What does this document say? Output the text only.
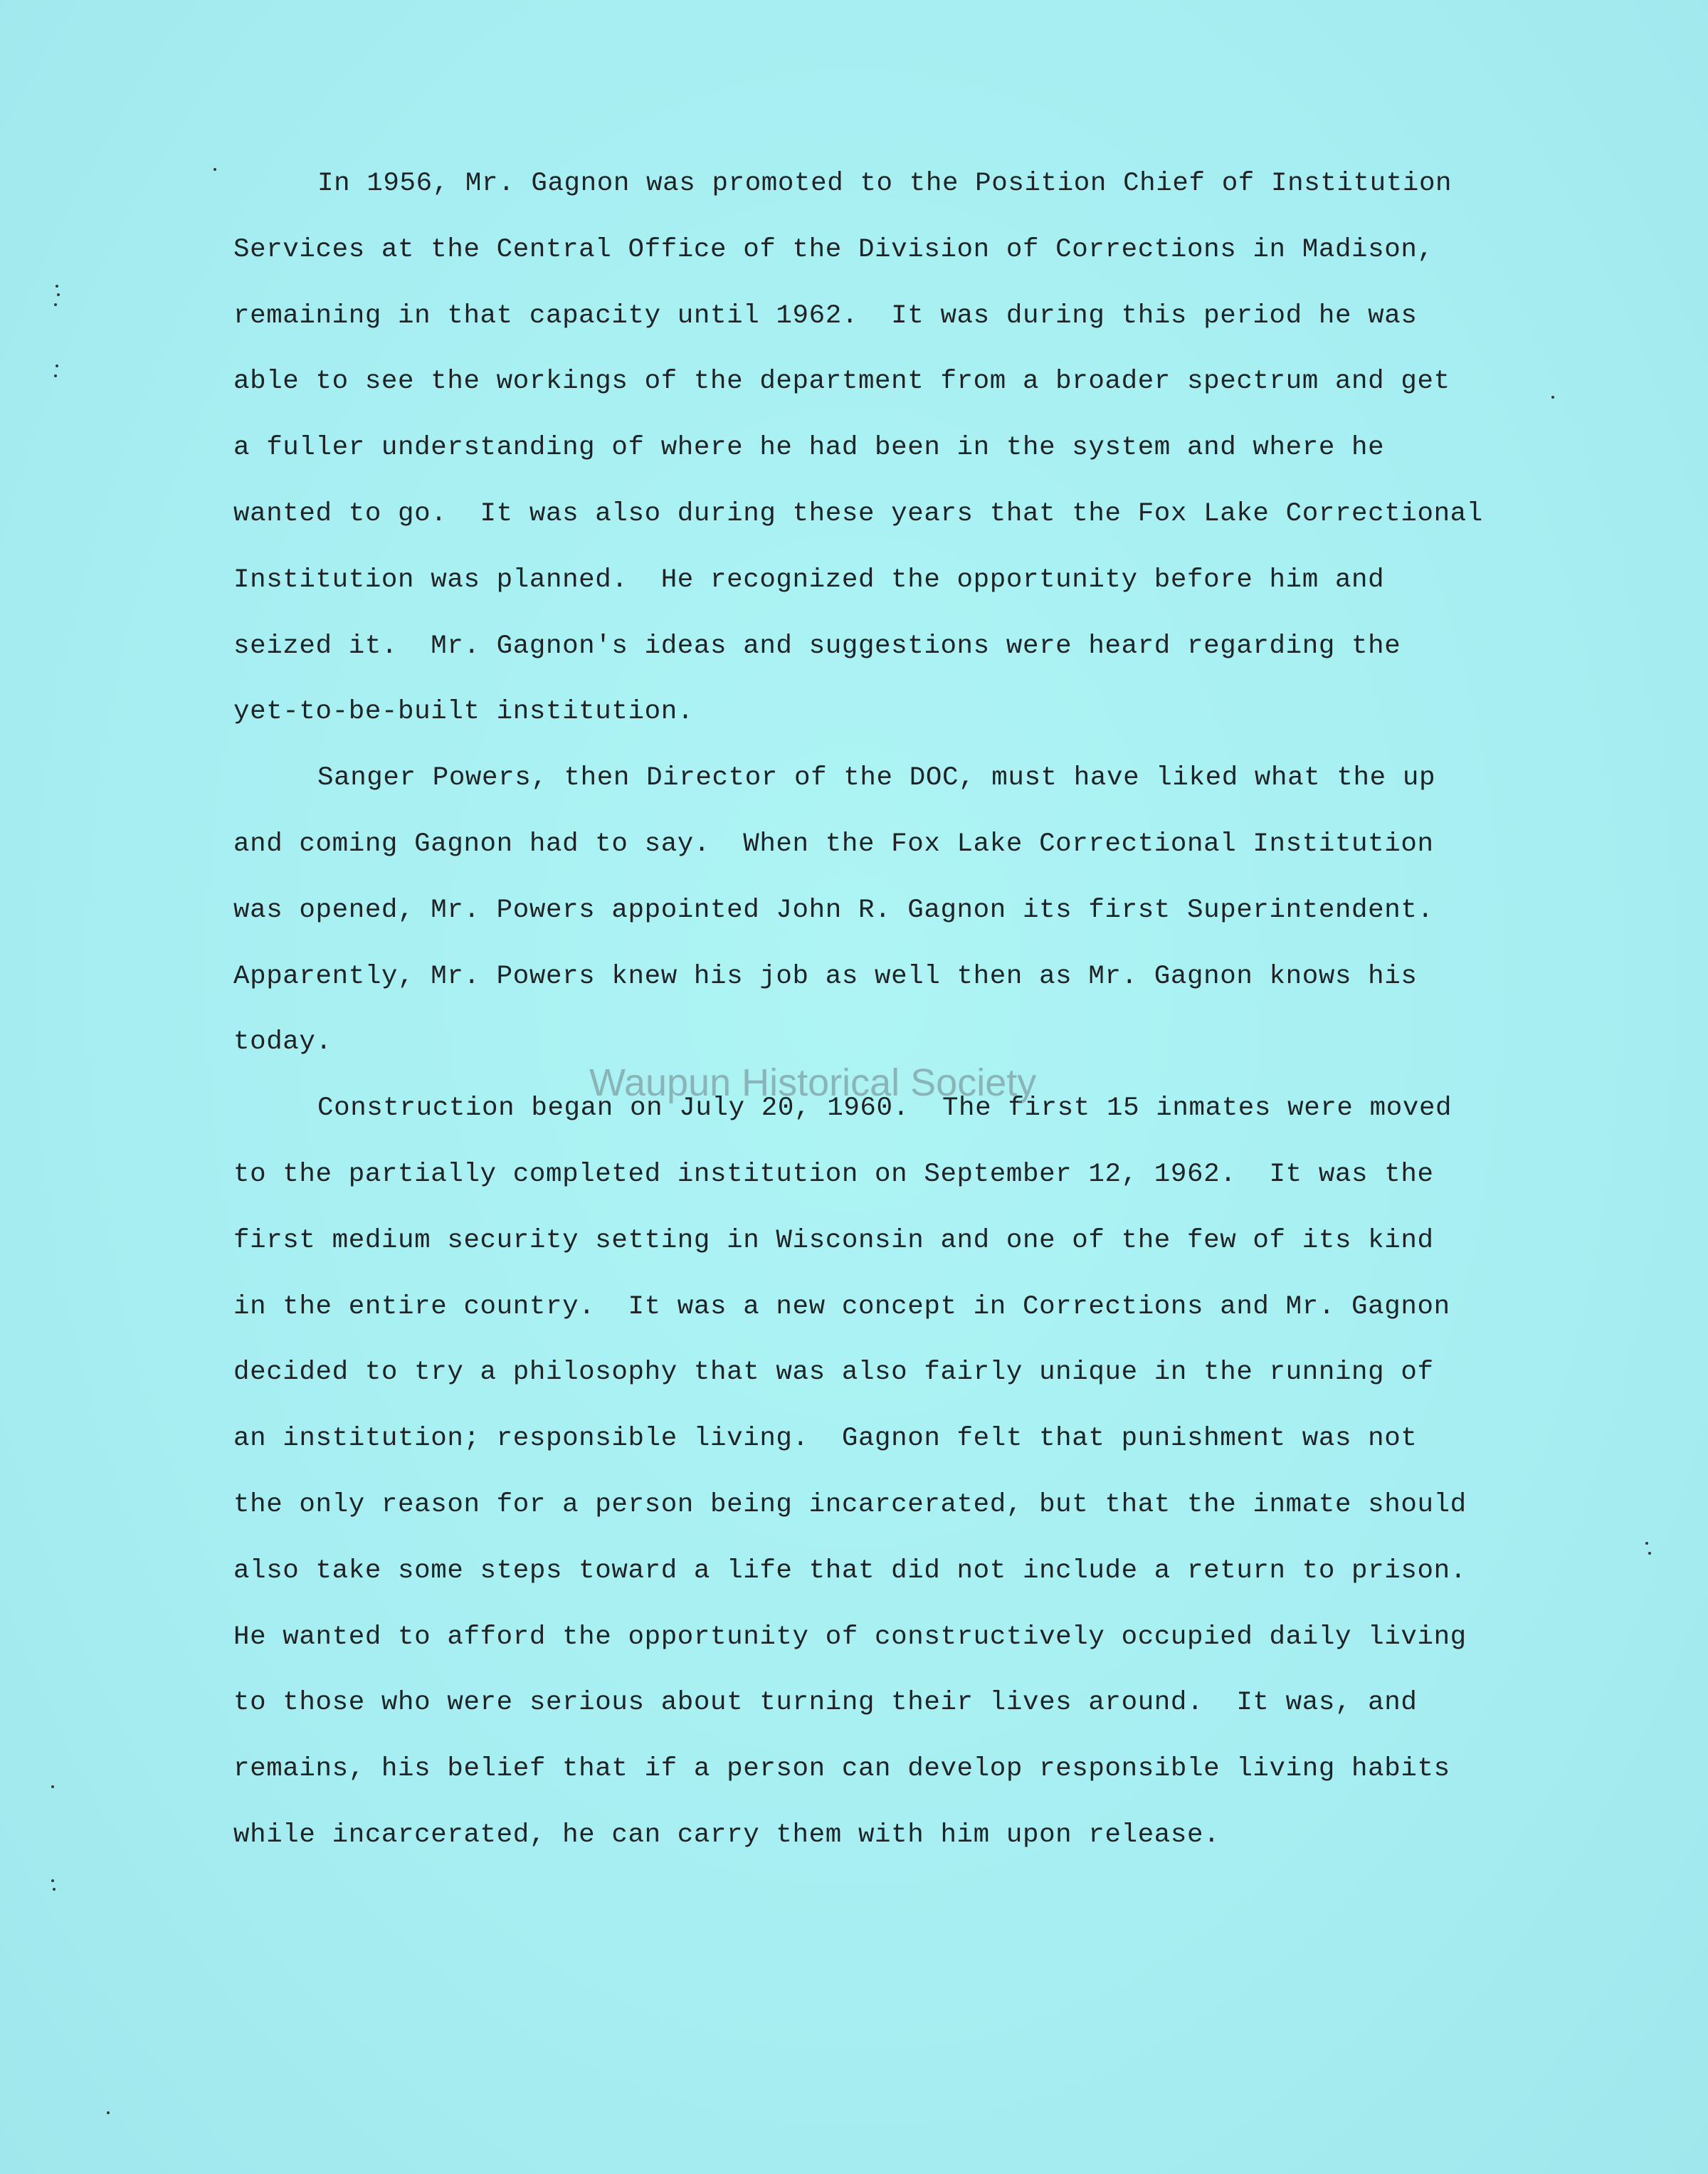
In 1956, Mr. Gagnon was promoted to the Position Chief of Institution
Services at the Central Office of the Division of Corrections in Madison,
remaining in that capacity until 1962.  It was during this period he was
able to see the workings of the department from a broader spectrum and get
a fuller understanding of where he had been in the system and where he
wanted to go.  It was also during these years that the Fox Lake Correctional
Institution was planned.  He recognized the opportunity before him and
seized it.  Mr. Gagnon's ideas and suggestions were heard regarding the
yet-to-be-built institution.
Sanger Powers, then Director of the DOC, must have liked what the up
and coming Gagnon had to say.  When the Fox Lake Correctional Institution
was opened, Mr. Powers appointed John R. Gagnon its first Superintendent.
Apparently, Mr. Powers knew his job as well then as Mr. Gagnon knows his
today.
Construction began on July 20, 1960.  The first 15 inmates were moved
to the partially completed institution on September 12, 1962.  It was the
first medium security setting in Wisconsin and one of the few of its kind
in the entire country.  It was a new concept in Corrections and Mr. Gagnon
decided to try a philosophy that was also fairly unique in the running of
an institution; responsible living.  Gagnon felt that punishment was not
the only reason for a person being incarcerated, but that the inmate should
also take some steps toward a life that did not include a return to prison.
He wanted to afford the opportunity of constructively occupied daily living
to those who were serious about turning their lives around.  It was, and
remains, his belief that if a person can develop responsible living habits
while incarcerated, he can carry them with him upon release.
Waupun Historical Society
